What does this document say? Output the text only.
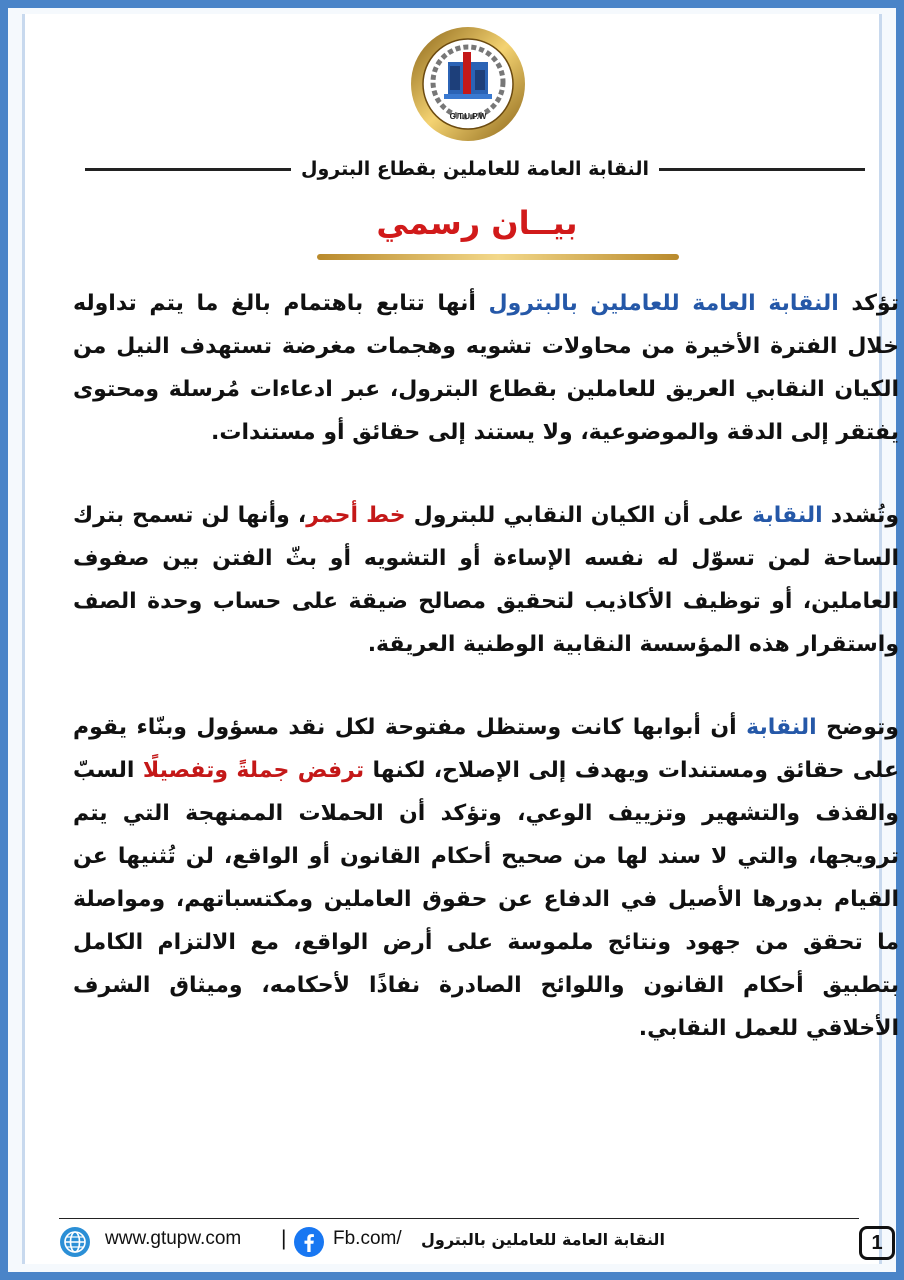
G.T.U.P.W
النقابة العامة للعاملين بقطاع البترول
بيــان رسمي

تؤكد النقابة العامة للعاملين بالبترول أنها تتابع باهتمام بالغ ما يتم تداوله خلال الفترة الأخيرة من محاولات تشويه وهجمات مغرضة تستهدف النيل من الكيان النقابي العريق للعاملين بقطاع البترول، عبر ادعاءات مُرسلة ومحتوى يفتقر إلى الدقة والموضوعية، ولا يستند إلى حقائق أو مستندات.

وتُشدد النقابة على أن الكيان النقابي للبترول خط أحمر، وأنها لن تسمح بترك الساحة لمن تسوّل له نفسه الإساءة أو التشويه أو بثّ الفتن بين صفوف العاملين، أو توظيف الأكاذيب لتحقيق مصالح ضيقة على حساب وحدة الصف واستقرار هذه المؤسسة النقابية الوطنية العريقة.

وتوضح النقابة أن أبوابها كانت وستظل مفتوحة لكل نقد مسؤول وبنّاء يقوم على حقائق ومستندات ويهدف إلى الإصلاح، لكنها ترفض جملةً وتفصيلًا السبّ والقذف والتشهير وتزييف الوعي، وتؤكد أن الحملات الممنهجة التي يتم ترويجها، والتي لا سند لها من صحيح أحكام القانون أو الواقع، لن تُثنيها عن القيام بدورها الأصيل في الدفاع عن حقوق العاملين ومكتسباتهم، ومواصلة ما تحقق من جهود ونتائج ملموسة على أرض الواقع، مع الالتزام الكامل بتطبيق أحكام القانون واللوائح الصادرة نفاذًا لأحكامه، وميثاق الشرف الأخلاقي للعمل النقابي.

www.gtupw.com | Fb.com/ النقابة العامة للعاملين بالبترول	1
